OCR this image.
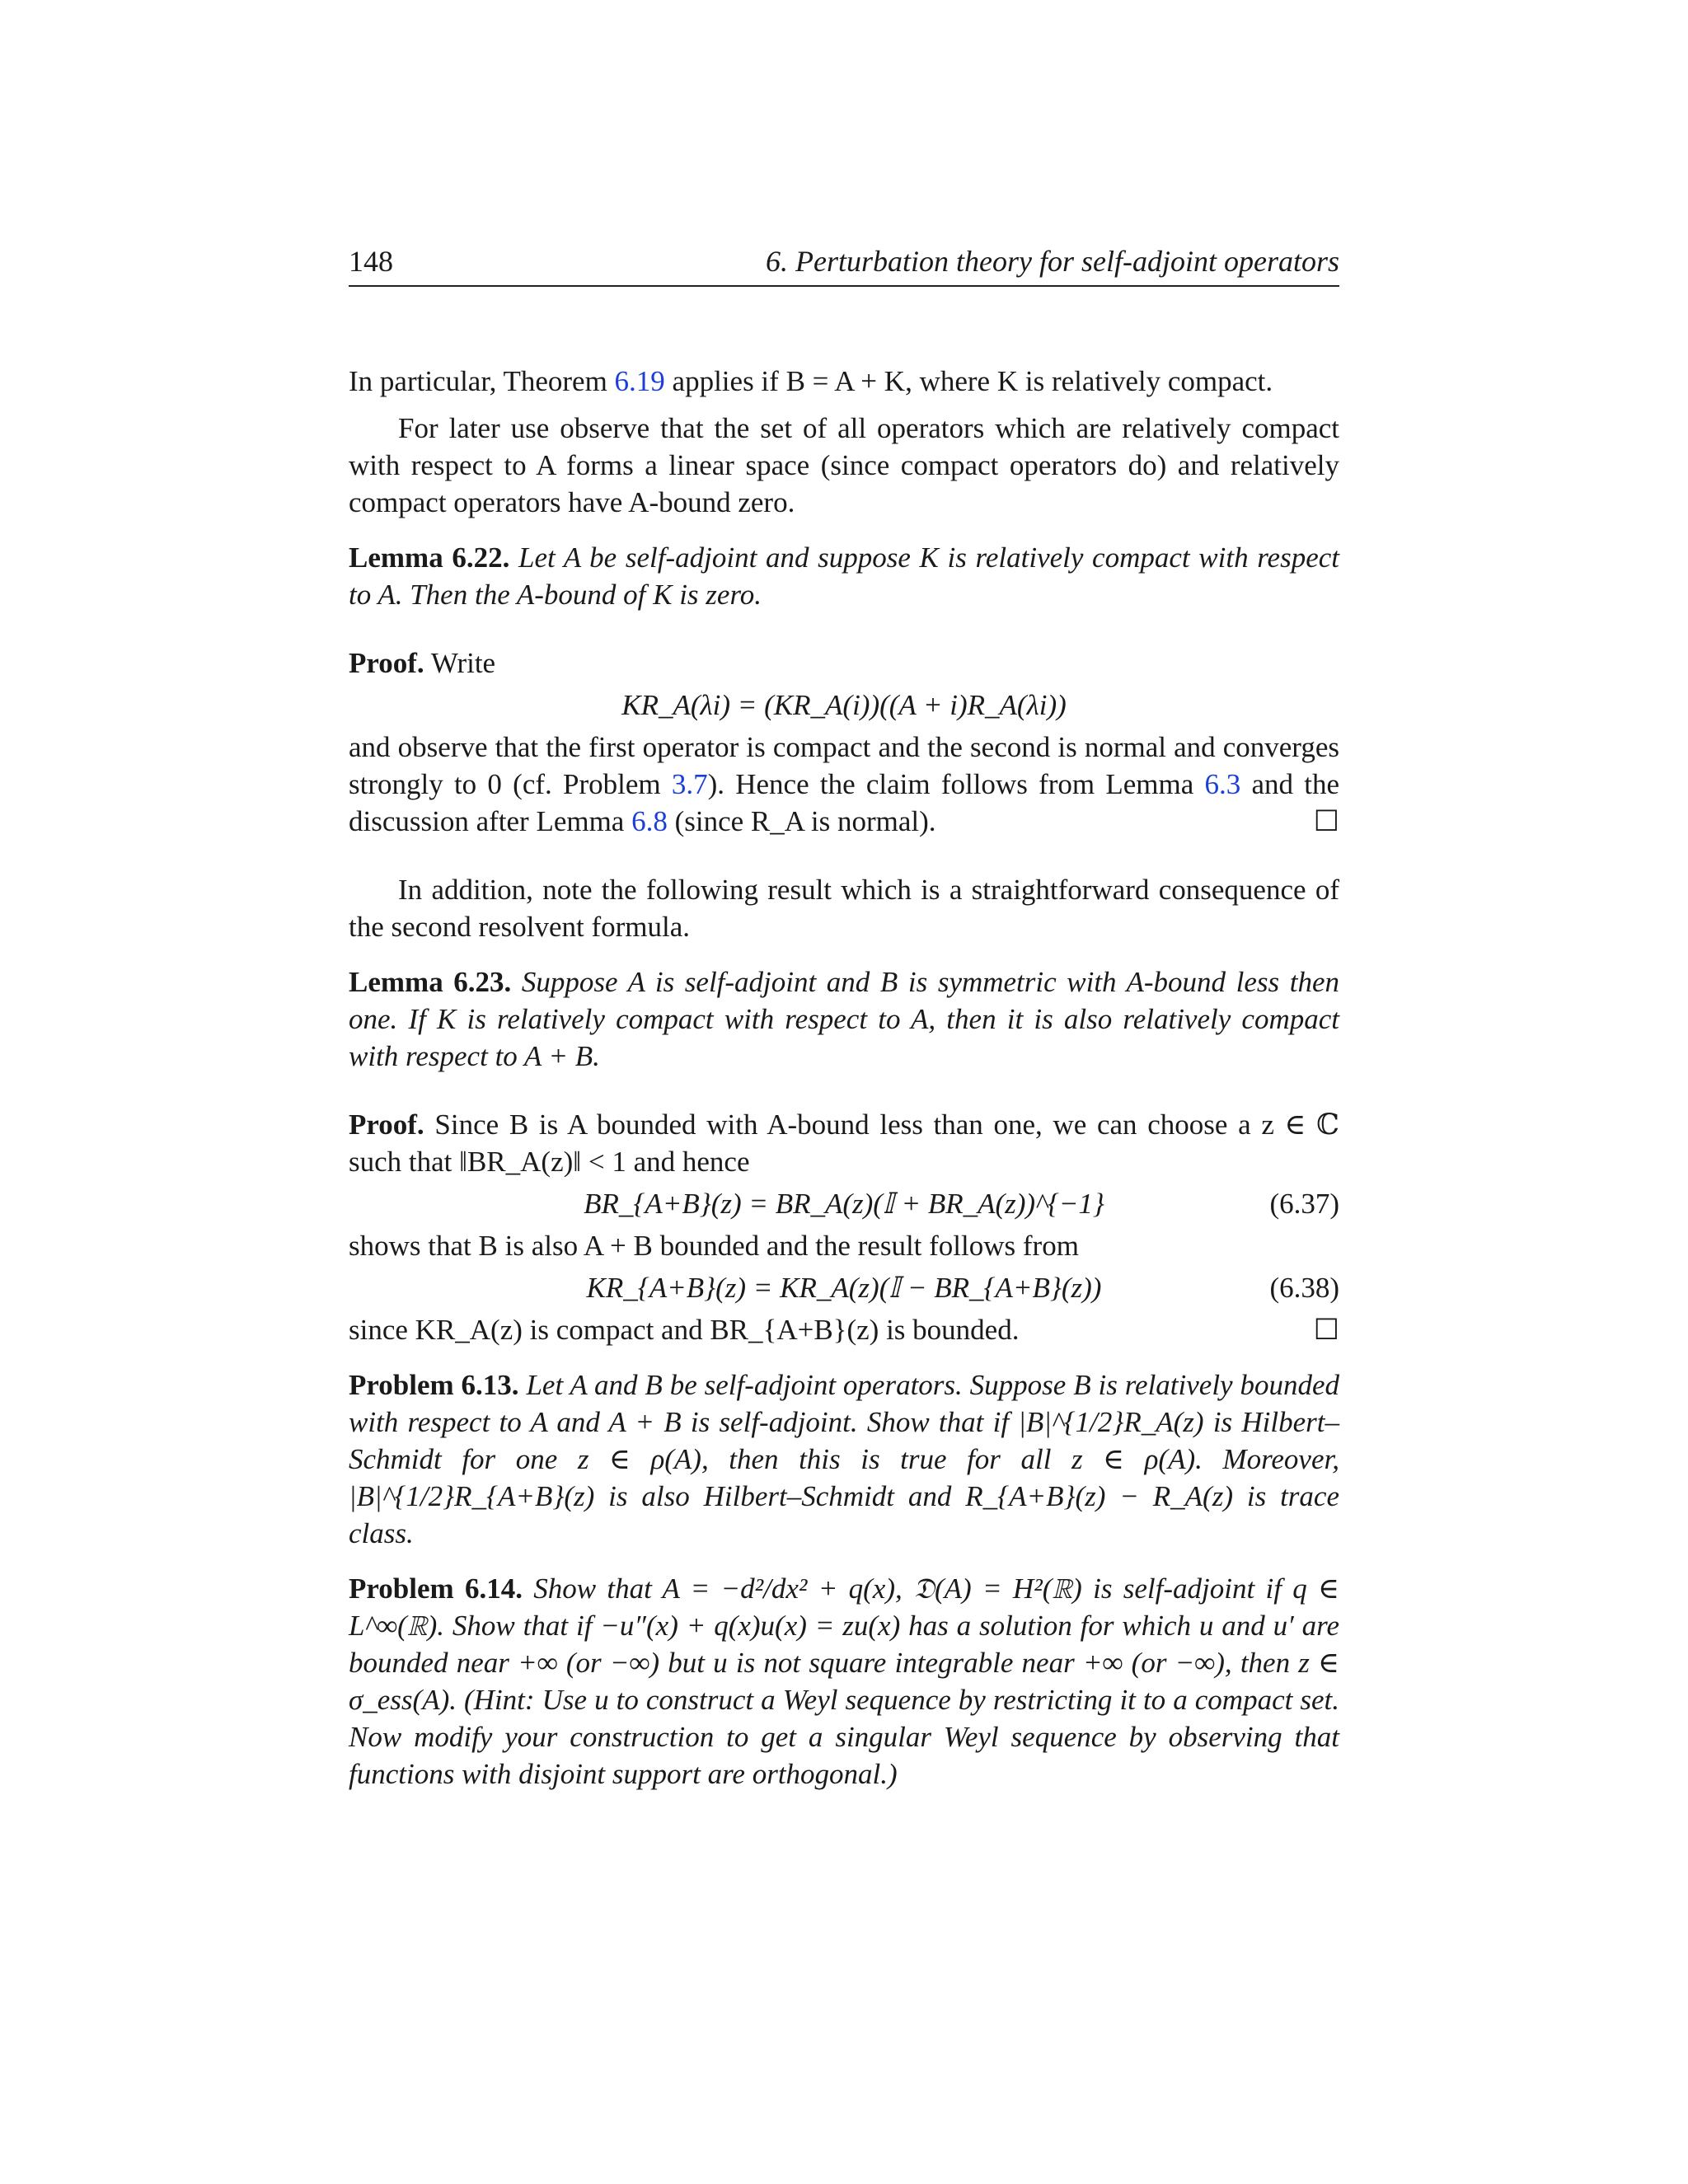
148	6. Perturbation theory for self-adjoint operators

In particular, Theorem 6.19 applies if B = A + K, where K is relatively compact.

For later use observe that the set of all operators which are relatively compact with respect to A forms a linear space (since compact operators do) and relatively compact operators have A-bound zero.

Lemma 6.22. Let A be self-adjoint and suppose K is relatively compact with respect to A. Then the A-bound of K is zero.

Proof. Write

KR_A(λi) = (KR_A(i))((A + i)R_A(λi))

and observe that the first operator is compact and the second is normal and converges strongly to 0 (cf. Problem 3.7). Hence the claim follows from Lemma 6.3 and the discussion after Lemma 6.8 (since R_A is normal).	☐

In addition, note the following result which is a straightforward consequence of the second resolvent formula.

Lemma 6.23. Suppose A is self-adjoint and B is symmetric with A-bound less then one. If K is relatively compact with respect to A, then it is also relatively compact with respect to A + B.

Proof. Since B is A bounded with A-bound less than one, we can choose a z ∈ ℂ such that ‖BR_A(z)‖ < 1 and hence

BR_{A+B}(z) = BR_A(z)(𝕀 + BR_A(z))^{−1}	(6.37)

shows that B is also A + B bounded and the result follows from

KR_{A+B}(z) = KR_A(z)(𝕀 − BR_{A+B}(z))	(6.38)

since KR_A(z) is compact and BR_{A+B}(z) is bounded.	☐

Problem 6.13. Let A and B be self-adjoint operators. Suppose B is relatively bounded with respect to A and A + B is self-adjoint. Show that if |B|^{1/2}R_A(z) is Hilbert–Schmidt for one z ∈ ρ(A), then this is true for all z ∈ ρ(A). Moreover, |B|^{1/2}R_{A+B}(z) is also Hilbert–Schmidt and R_{A+B}(z) − R_A(z) is trace class.

Problem 6.14. Show that A = −d²/dx² + q(x), 𝔇(A) = H²(ℝ) is self-adjoint if q ∈ L^∞(ℝ). Show that if −u″(x) + q(x)u(x) = zu(x) has a solution for which u and u′ are bounded near +∞ (or −∞) but u is not square integrable near +∞ (or −∞), then z ∈ σ_ess(A). (Hint: Use u to construct a Weyl sequence by restricting it to a compact set. Now modify your construction to get a singular Weyl sequence by observing that functions with disjoint support are orthogonal.)
